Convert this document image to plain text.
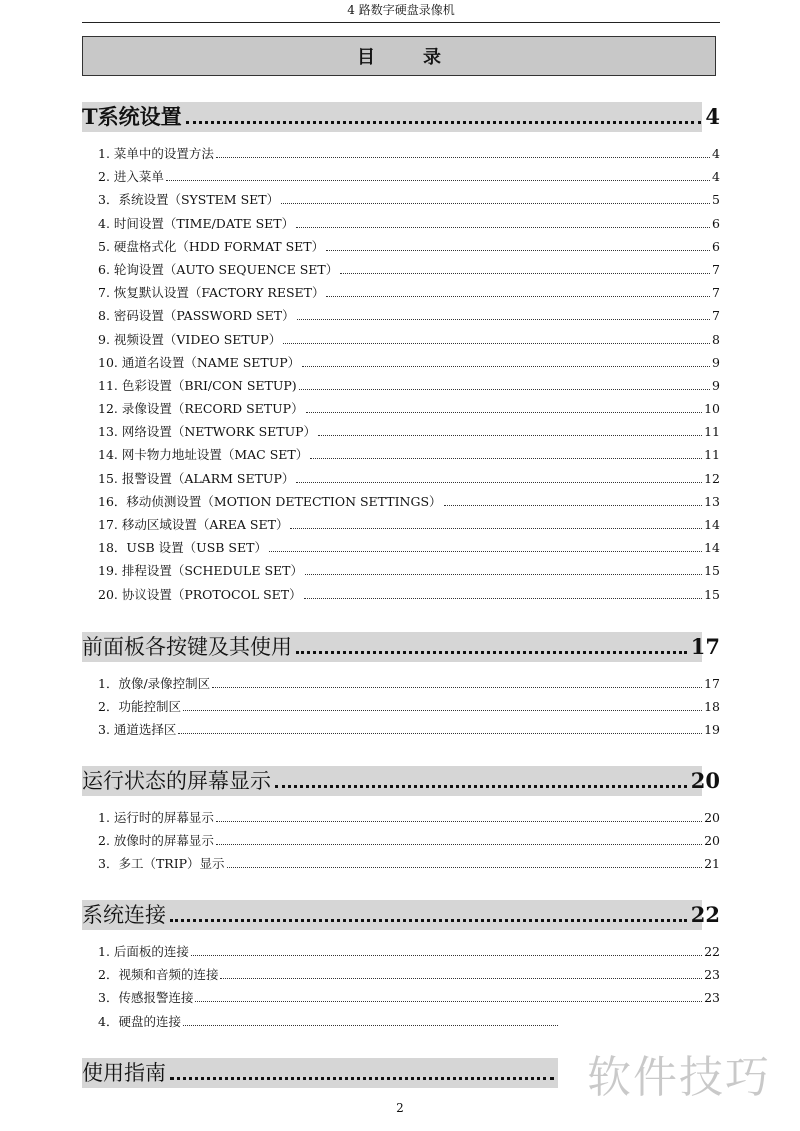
4 路数字硬盘录像机
目录
T系统设置	4
1. 菜单中的设置方法	4
2. 进入菜单	4
3．系统设置（SYSTEM SET）	5
4. 时间设置（TIME/DATE SET）	6
5. 硬盘格式化（HDD FORMAT SET）	6
6. 轮询设置（AUTO SEQUENCE SET）	7
7. 恢复默认设置（FACTORY RESET）	7
8. 密码设置（PASSWORD SET）	7
9. 视频设置（VIDEO SETUP）	8
10. 通道名设置（NAME SETUP）	9
11. 色彩设置（BRI/CON SETUP)	9
12. 录像设置（RECORD SETUP）	10
13. 网络设置（NETWORK SETUP）	11
14. 网卡物力地址设置（MAC SET）	11
15. 报警设置（ALARM SETUP）	12
16．移动侦测设置（MOTION DETECTION SETTINGS）	13
17. 移动区域设置（AREA SET）	14
18．USB 设置（USB SET）	14
19. 排程设置（SCHEDULE SET）	15
20. 协议设置（PROTOCOL SET）	15
前面板各按键及其使用	17
1．放像/录像控制区	17
2．功能控制区	18
3. 通道选择区	19
运行状态的屏幕显示	20
1. 运行时的屏幕显示	20
2. 放像时的屏幕显示	20
3．多工（TRIP）显示	21
系统连接	22
1. 后面板的连接	22
2．视频和音频的连接	23
3．传感报警连接	23
4．硬盘的连接
使用指南
2
软件技巧
